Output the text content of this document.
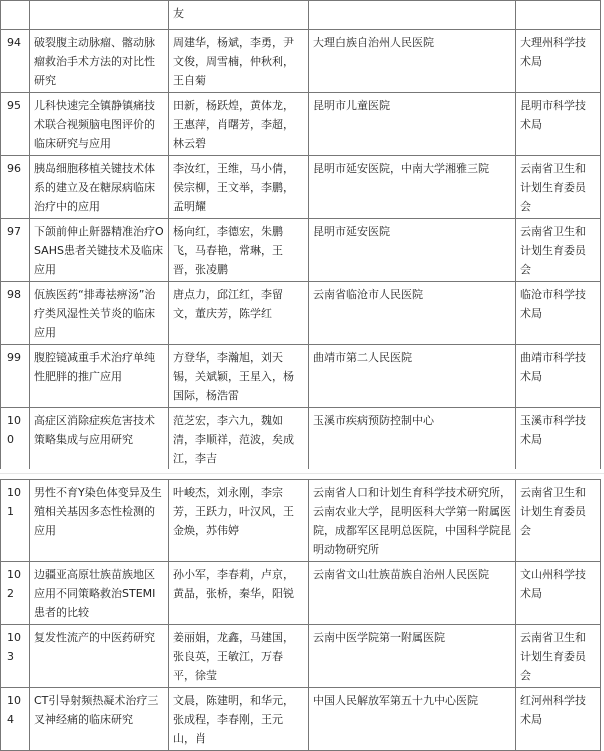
		友		
94	破裂腹主动脉瘤、髂动脉瘤救治手术方法的对比性研究	周建华，杨斌，李勇，尹文俊，周雪楠，仲秋利，王自菊	大理白族自治州人民医院	大理州科学技术局
95	儿科快速完全镇静镇痛技术联合视频脑电图评价的临床研究与应用	田新，杨跃煌，黄体龙，王惠萍，肖曙芳，李超，林云碧	昆明市儿童医院	昆明市科学技术局
96	胰岛细胞移植关键技术体系的建立及在糖尿病临床治疗中的应用	李汝红，王维，马小倩，侯宗柳，王文举，李鹏，孟明耀	昆明市延安医院，中南大学湘雅三院	云南省卫生和计划生育委员会
97	下颌前伸止鼾器精准治疗OSAHS患者关键技术及临床应用	杨向红，李德宏，朱鹏飞，马春艳，常琳，王晋，张凌鹏	昆明市延安医院	云南省卫生和计划生育委员会
98	佤族医药“排毒祛痹汤”治疗类风湿性关节炎的临床应用	唐点力，邱江红，李留文，董庆芳，陈学红	云南省临沧市人民医院	临沧市科学技术局
99	腹腔镜减重手术治疗单纯性肥胖的推广应用	方登华，李瀚旭，刘天锡，关斌颖，王星入，杨国际，杨浩雷	曲靖市第二人民医院	曲靖市科学技术局
100	高症区消除症疾危害技术策略集成与应用研究	范芝宏，李六九，魏如清，李顺祥，范波，矣成江，李吉	玉溪市疾病预防控制中心	玉溪市科学技术局
101	男性不育Y染色体变异及生殖相关基因多态性检测的应用	叶峻杰，刘永刚，李宗芳，王跃力，叶汉风，王金焕，苏伟婷	云南省人口和计划生育科学技术研究所，云南农业大学，昆明医科大学第一附属医院，成都军区昆明总医院，中国科学院昆明动物研究所	云南省卫生和计划生育委员会
102	边疆亚高原壮族苗族地区应用不同策略救治STEMI患者的比较	孙小军，李春莉，卢京，黄晶，张桥，秦华，阳锐	云南省文山壮族苗族自治州人民医院	文山州科学技术局
103	复发性流产的中医药研究	姜丽娟，龙鑫，马建国，张良英，王敏江，万春平，徐莹	云南中医学院第一附属医院	云南省卫生和计划生育委员会
104	CT引导射频热凝术治疗三叉神经痛的临床研究	文晨，陈建明，和华元，张成程，李春刚，王元山，肖	中国人民解放军第五十九中心医院	红河州科学技术局
